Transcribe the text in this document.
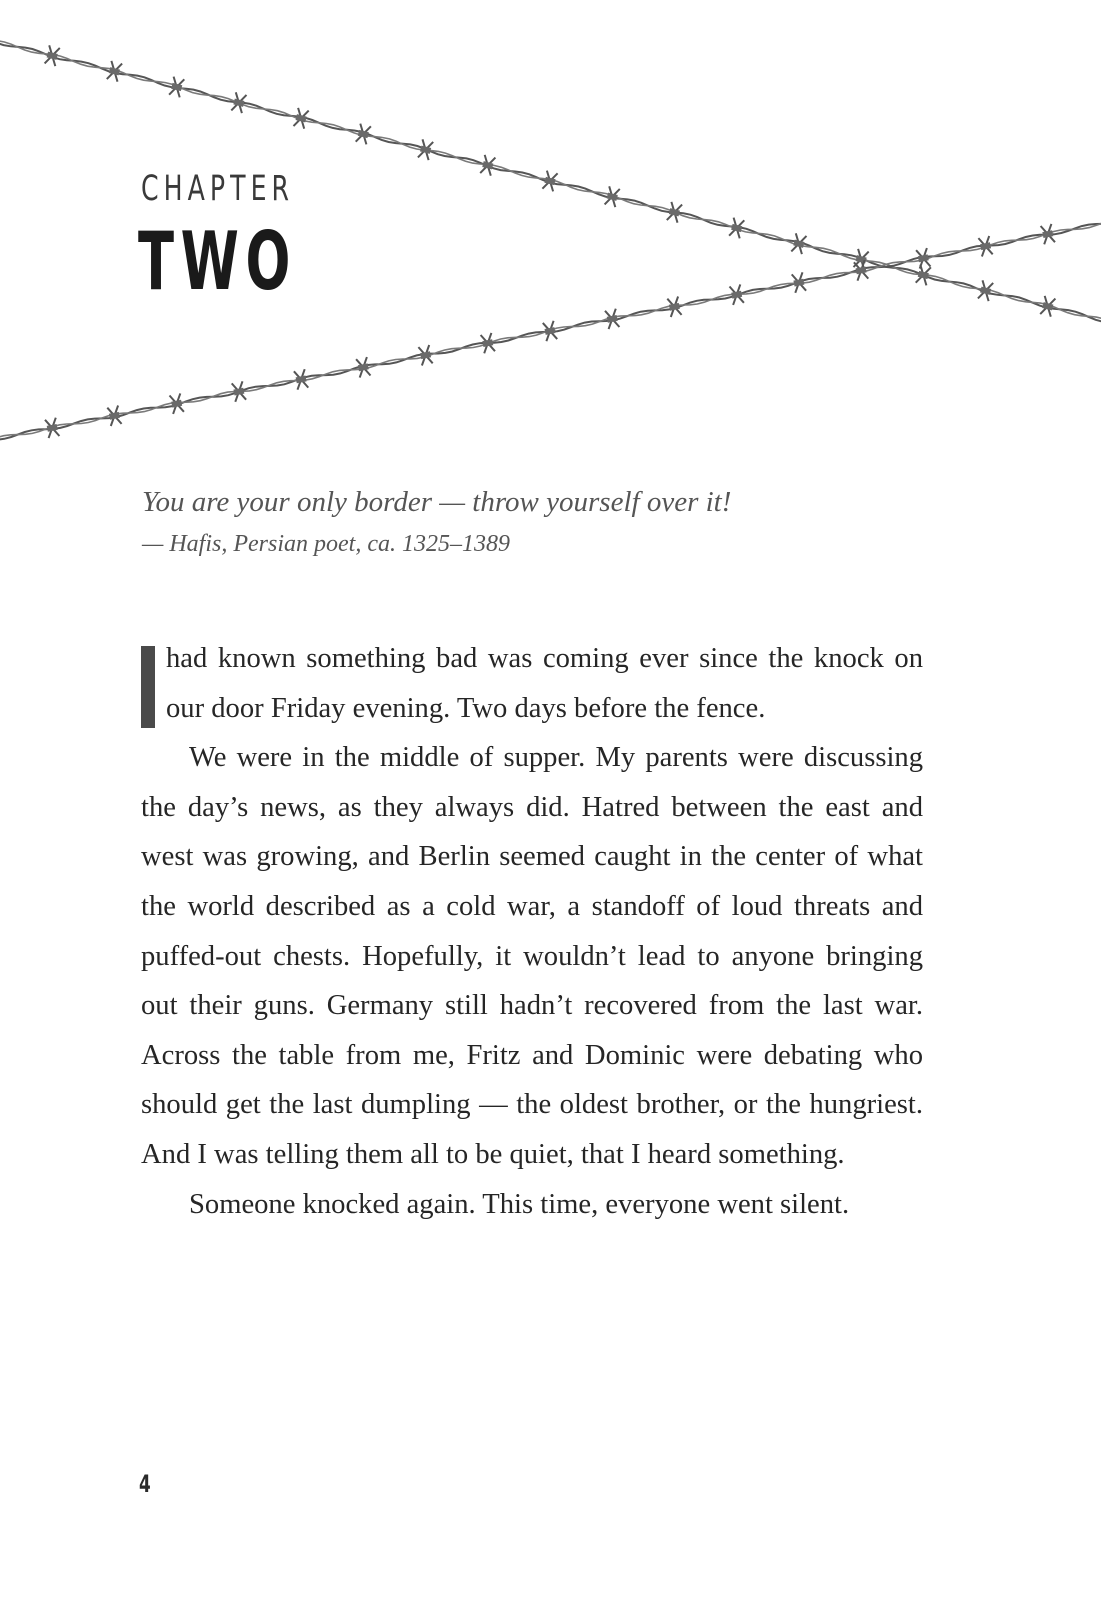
CHAPTER
TWO

You are your only border — throw yourself over it!

— Hafis, Persian poet, ca. 1325–1389

had known something bad was coming ever since the knock on our door Friday evening. Two days before the fence.

We were in the middle of supper. My parents were discussing the day’s news, as they always did. Hatred between the east and west was growing, and Berlin seemed caught in the center of what the world described as a cold war, a standoff of loud threats and puffed-out chests. Hopefully, it wouldn’t lead to anyone bringing out their guns. Germany still hadn’t recovered from the last war. Across the table from me, Fritz and Dominic were debating who should get the last dumpling — the oldest brother, or the hungriest. And I was telling them all to be quiet, that I heard something.

Someone knocked again. This time, everyone went silent.

4
